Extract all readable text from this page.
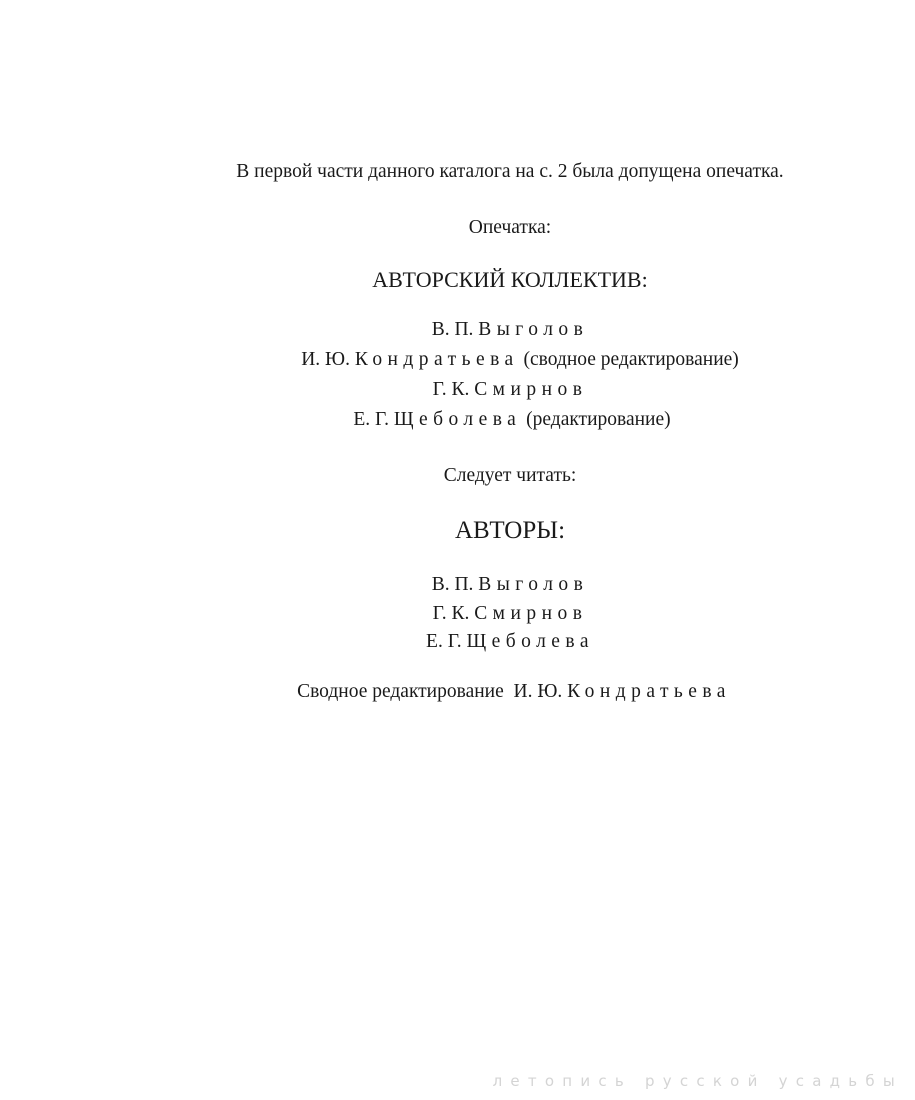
В первой части данного каталога на с. 2 была допущена опечатка.
Опечатка:
АВТОРСКИЙ КОЛЛЕКТИВ:
В. П. Выголов
И. Ю. Кондратьева (сводное редактирование)
Г. К. Смирнов
Е. Г. Щеболева (редактирование)
Следует читать:
АВТОРЫ:
В. П. Выголов
Г. К. Смирнов
Е. Г. Щеболева
Сводное редактирование И. Ю. Кондратьева
летопись русской усадьбы
